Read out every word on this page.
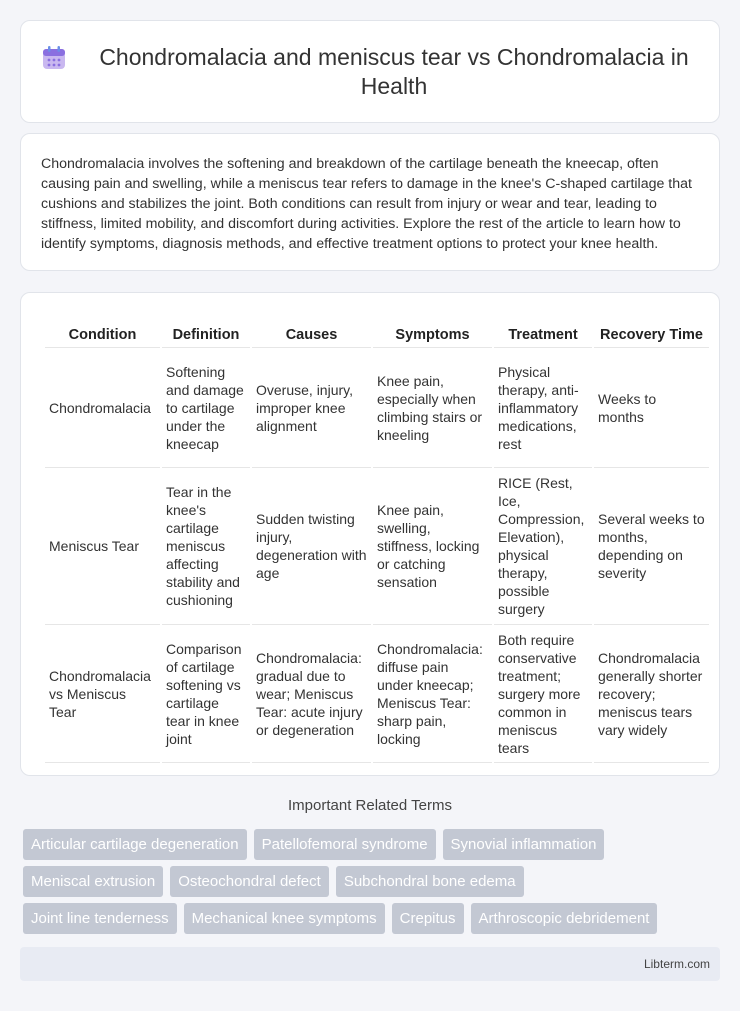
Chondromalacia and meniscus tear vs Chondromalacia in Health

Chondromalacia involves the softening and breakdown of the cartilage beneath the kneecap, often causing pain and swelling, while a meniscus tear refers to damage in the knee's C-shaped cartilage that cushions and stabilizes the joint. Both conditions can result from injury or wear and tear, leading to stiffness, limited mobility, and discomfort during activities. Explore the rest of the article to learn how to identify symptoms, diagnosis methods, and effective treatment options to protect your knee health.

Condition	Definition	Causes	Symptoms	Treatment	Recovery Time
Chondromalacia	Softening and damage to cartilage under the kneecap	Overuse, injury, improper knee alignment	Knee pain, especially when climbing stairs or kneeling	Physical therapy, anti-inflammatory medications, rest	Weeks to months
Meniscus Tear	Tear in the knee's cartilage meniscus affecting stability and cushioning	Sudden twisting injury, degeneration with age	Knee pain, swelling, stiffness, locking or catching sensation	RICE (Rest, Ice, Compression, Elevation), physical therapy, possible surgery	Several weeks to months, depending on severity
Chondromalacia vs Meniscus Tear	Comparison of cartilage softening vs cartilage tear in knee joint	Chondromalacia: gradual due to wear; Meniscus Tear: acute injury or degeneration	Chondromalacia: diffuse pain under kneecap; Meniscus Tear: sharp pain, locking	Both require conservative treatment; surgery more common in meniscus tears	Chondromalacia generally shorter recovery; meniscus tears vary widely
Important Related Terms
Articular cartilage degeneration	Patellofemoral syndrome	Synovial inflammation
Meniscal extrusion	Osteochondral defect	Subchondral bone edema
Joint line tenderness	Mechanical knee symptoms	Crepitus	Arthroscopic debridement
Libterm.com
